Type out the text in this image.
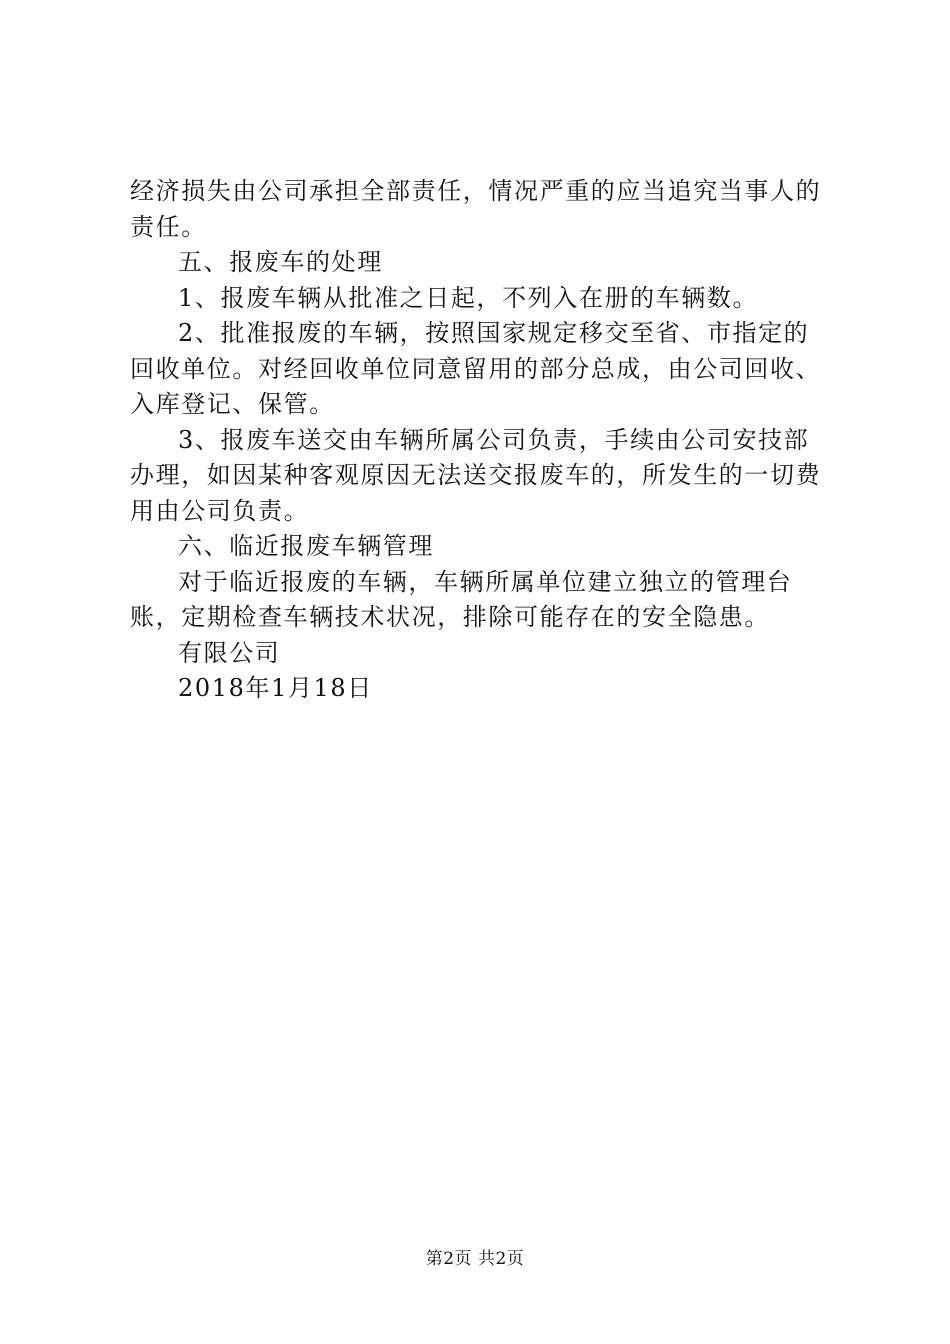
经济损失由公司承担全部责任，情况严重的应当追究当事人的责任。

五、报废车的处理

1、报废车辆从批准之日起，不列入在册的车辆数。

2、批准报废的车辆，按照国家规定移交至省、市指定的回收单位。对经回收单位同意留用的部分总成，由公司回收、入库登记、保管。

3、报废车送交由车辆所属公司负责，手续由公司安技部办理，如因某种客观原因无法送交报废车的，所发生的一切费用由公司负责。

六、临近报废车辆管理

对于临近报废的车辆，车辆所属单位建立独立的管理台账，定期检查车辆技术状况，排除可能存在的安全隐患。

有限公司

2018年1月18日

第2页 共2页
